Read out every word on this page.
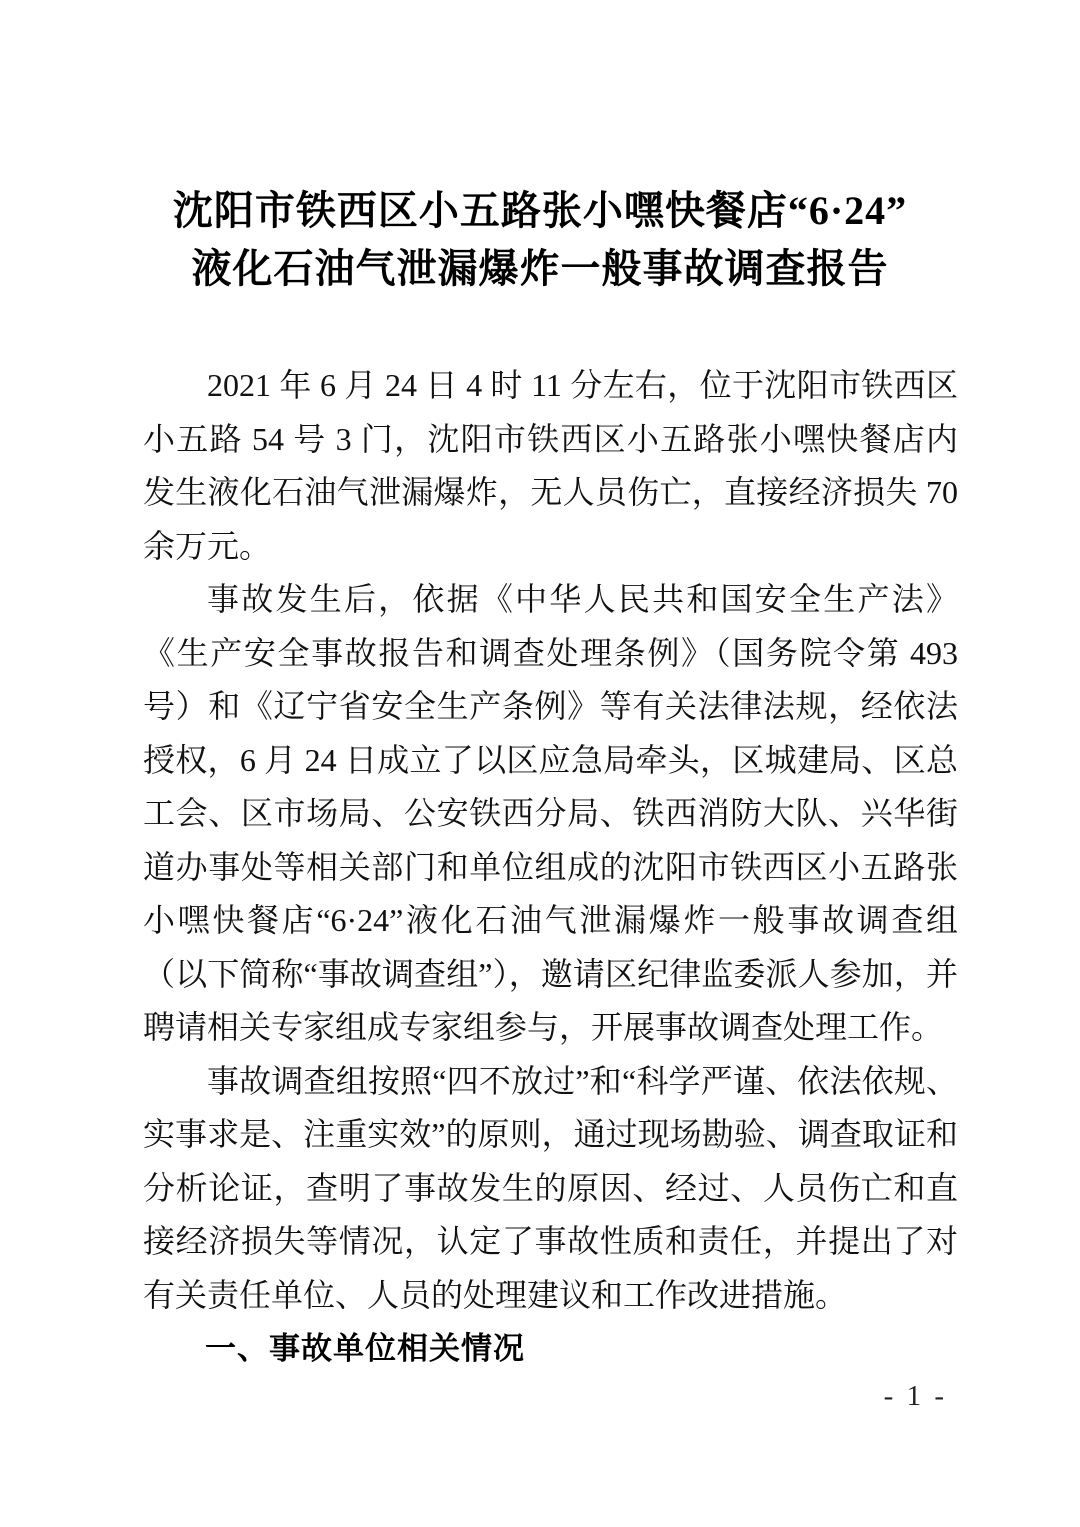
沈阳市铁西区小五路张小嘿快餐店“6·24”
液化石油气泄漏爆炸一般事故调查报告

2021 年 6 月 24 日 4 时 11 分左右，位于沈阳市铁西区小五路 54 号 3 门，沈阳市铁西区小五路张小嘿快餐店内发生液化石油气泄漏爆炸，无人员伤亡，直接经济损失 70 余万元。

事故发生后，依据《中华人民共和国安全生产法》《生产安全事故报告和调查处理条例》（国务院令第 493 号）和《辽宁省安全生产条例》等有关法律法规，经依法授权，6 月 24 日成立了以区应急局牵头，区城建局、区总工会、区市场局、公安铁西分局、铁西消防大队、兴华街道办事处等相关部门和单位组成的沈阳市铁西区小五路张小嘿快餐店“6·24”液化石油气泄漏爆炸一般事故调查组（以下简称“事故调查组”），邀请区纪律监委派人参加，并聘请相关专家组成专家组参与，开展事故调查处理工作。

事故调查组按照“四不放过”和“科学严谨、依法依规、实事求是、注重实效”的原则，通过现场勘验、调查取证和分析论证，查明了事故发生的原因、经过、人员伤亡和直接经济损失等情况，认定了事故性质和责任，并提出了对有关责任单位、人员的处理建议和工作改进措施。

一、事故单位相关情况
- 1 -
